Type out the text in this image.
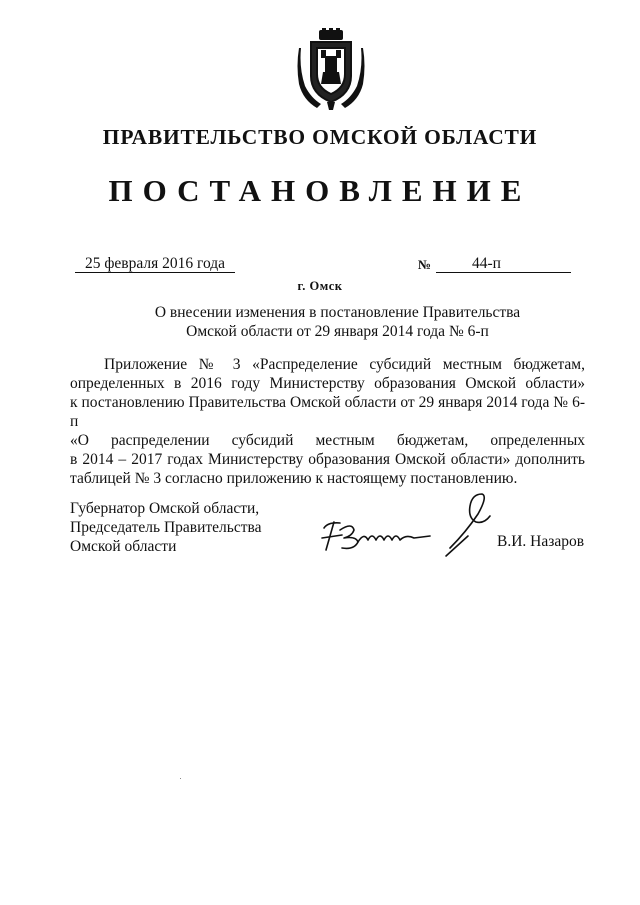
ПРАВИТЕЛЬСТВО ОМСКОЙ ОБЛАСТИ
ПОСТАНОВЛЕНИЕ
25 февраля 2016 года	№	44-п
г. Омск
О внесении изменения в постановление Правительства
Омской области от 29 января 2014 года № 6-п
Приложение № 3 «Распределение субсидий местным бюджетам,
определенных в 2016 году Министерству образования Омской области»
к постановлению Правительства Омской области от 29 января 2014 года № 6-п
«О распределении субсидий местным бюджетам, определенных
в 2014 – 2017 годах Министерству образования Омской области» дополнить
таблицей № 3 согласно приложению к настоящему постановлению.
Губернатор Омской области,
Председатель Правительства
Омской области	В.И. Назаров
